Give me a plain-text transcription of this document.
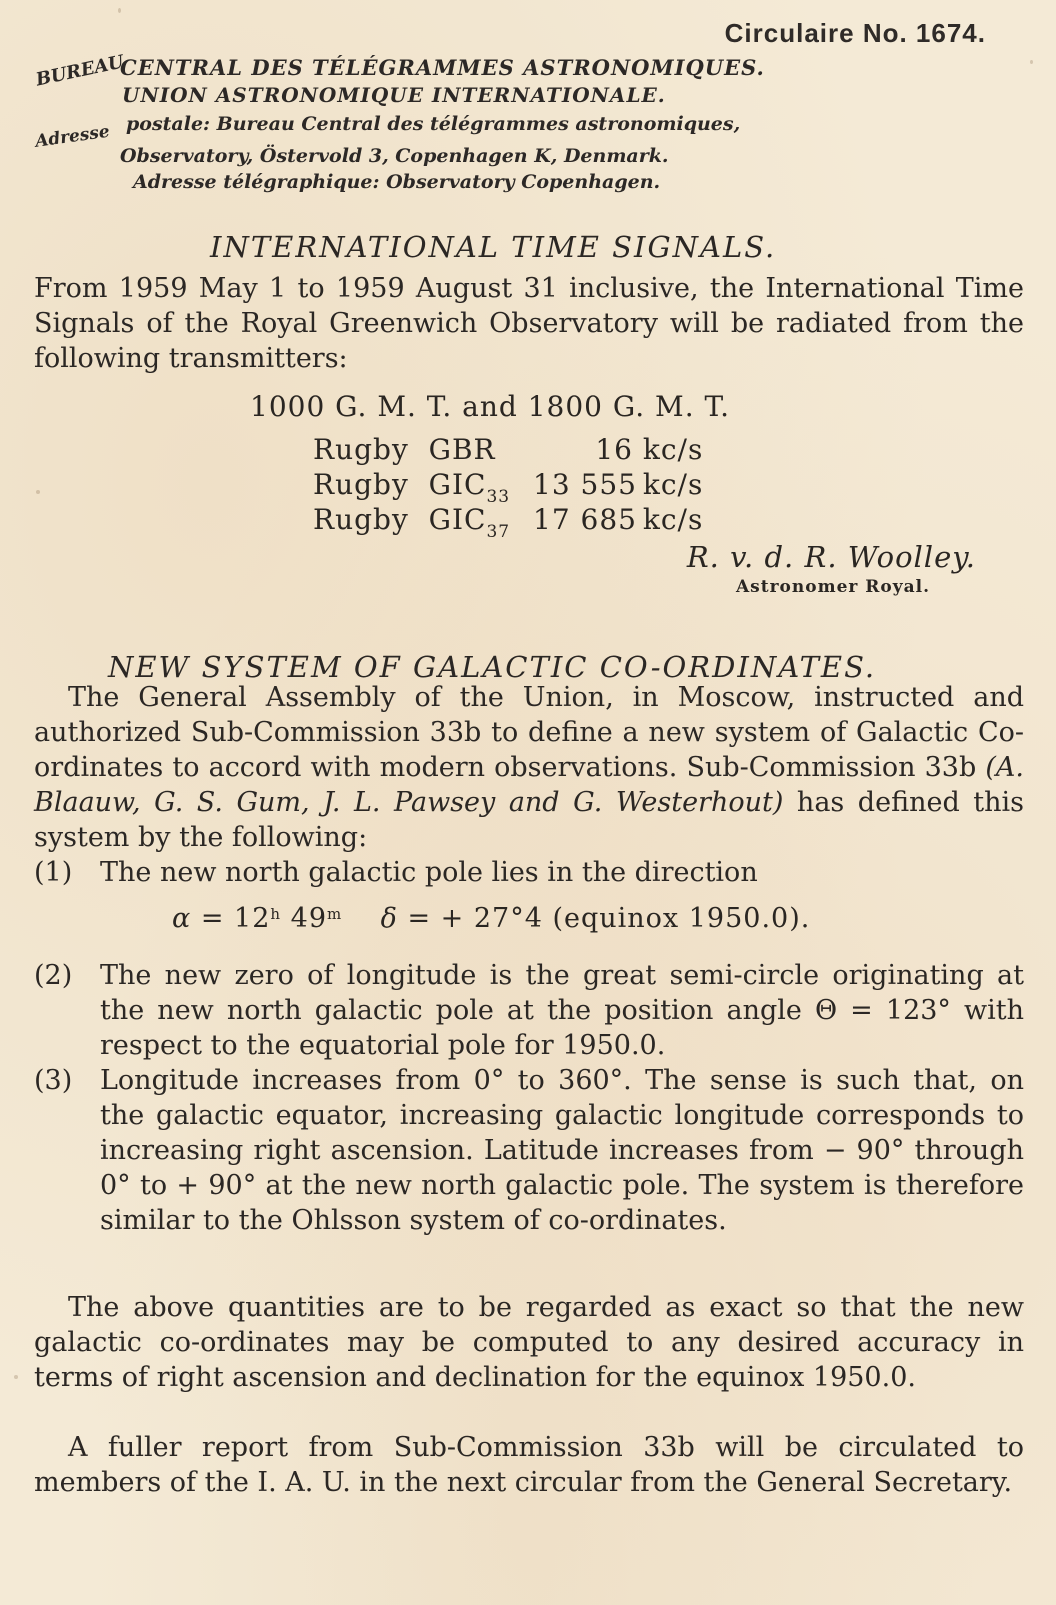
Circulaire No. 1674.
BUREAU
CENTRAL DES TÉLÉGRAMMES ASTRONOMIQUES.
UNION ASTRONOMIQUE INTERNATIONALE.
Adresse postale: Bureau Central des télégrammes astronomiques,
Observatory, Östervold 3, Copenhagen K, Denmark.
Adresse télégraphique: Observatory Copenhagen.
INTERNATIONAL TIME SIGNALS.
From 1959 May 1 to 1959 August 31 inclusive, the International Time Signals of the Royal Greenwich Observatory will be radiated from the following transmitters:
1000 G. M. T. and 1800 G. M. T.
Rugby GBR	16 kc/s
Rugby $GIC_{33}$ 13 555 kc/s
Rugby $GIC_{37}$ 17 685 kc/s
R. v. d. R. Woolley.
Astronomer Royal.
NEW SYSTEM OF GALACTIC CO-ORDINATES.
The General Assembly of the Union, in Moscow, instructed and authorized Sub-Commission 33b to define a new system of Galactic Co-ordinates to accord with modern observations. Sub-Commission 33b (A. Blaauw, G. S. Gum, J. L. Pawsey and G. Westerhout) has defined this system by the following:
(1) The new north galactic pole lies in the direction
$\alpha = 12^h$ 49$^m$ δ = + 27°4 (equinox 1950.0).
(2) The new zero of longitude is the great semi-circle originating at the new north galactic pole at the position angle Θ = 123° with respect to the equatorial pole for 1950.0.
(3) Longitude increases from 0° to 360°. The sense is such that, on the galactic equator, increasing galactic longitude corresponds to increasing right ascension. Latitude increases from − 90° through 0° to + 90° at the new north galactic pole. The system is therefore similar to the Ohlsson system of co-ordinates.
The above quantities are to be regarded as exact so that the new galactic co-ordinates may be computed to any desired accuracy in terms of right ascension and declination for the equinox 1950.0.
A fuller report from Sub-Commission 33b will be circulated to members of the I. A. U. in the next circular from the General Secretary.
